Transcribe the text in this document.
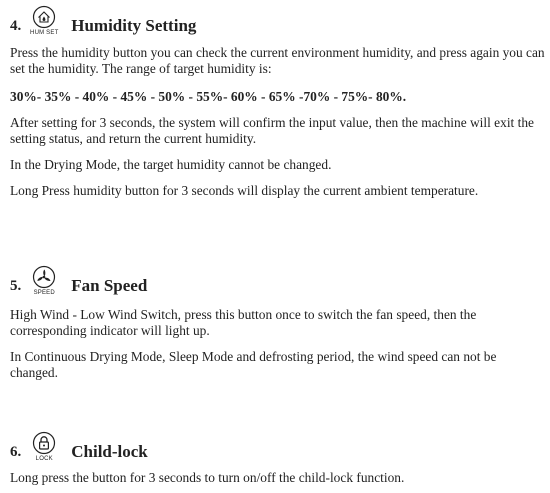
4. HUM SET Humidity Setting

Press the humidity button you can check the current environment humidity, and press again you can set the humidity. The range of target humidity is:

30%- 35% - 40% - 45% - 50% - 55%- 60% - 65% -70% - 75%- 80%.

After setting for 3 seconds, the system will confirm the input value, then the machine will exit the setting status, and return the current humidity.

In the Drying Mode, the target humidity cannot be changed.

Long Press humidity button for 3 seconds will display the current ambient temperature.

5. SPEED Fan Speed

High Wind - Low Wind Switch, press this button once to switch the fan speed, then the corresponding indicator will light up.

In Continuous Drying Mode, Sleep Mode and defrosting period, the wind speed can not be changed.

6. LOCK Child-lock

Long press the button for 3 seconds to turn on/off the child-lock function.
